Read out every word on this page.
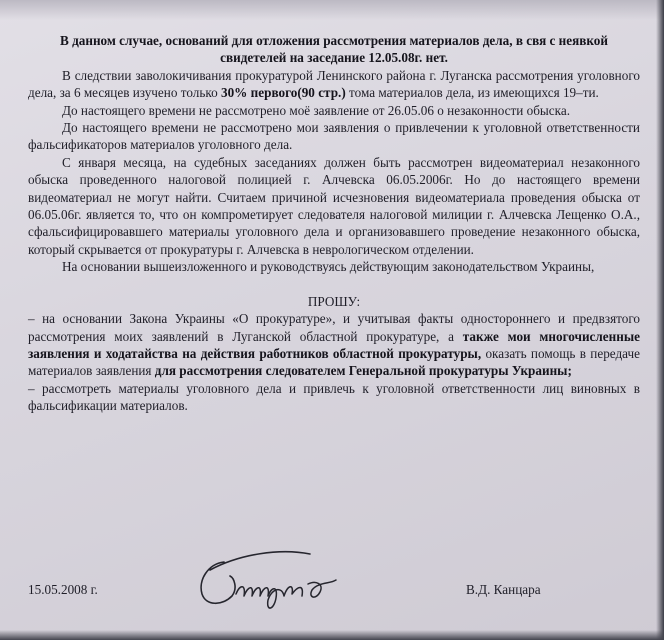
В данном случае, оснований для отложения рассмотрения материалов дела, в свя с неявкой свидетелей на заседание 12.05.08г. нет.

В следствии заволокичивания прокуратурой Ленинского района г. Луганска рассмотрения уголовного дела, за 6 месяцев изучено только 30% первого(90 стр.) тома материалов дела, из имеющихся 19–ти.

До настоящего времени не рассмотрено моё заявление от 26.05.06 о незаконности обыска.

До настоящего времени не рассмотрено мои заявления о привлечении к уголовной ответственности фальсификаторов материалов уголовного дела.

С января месяца, на судебных заседаниях должен быть рассмотрен видеоматериал незаконного обыска проведенного налоговой полицией г. Алчевска 06.05.2006г. Но до настоящего времени видеоматериал не могут найти. Считаем причиной исчезновения видеоматериала проведения обыска от 06.05.06г. является то, что он компрометирует следователя налоговой милиции г. Алчевска Лещенко О.А., сфальсифицировавшего материалы уголовного дела и организовавшего проведение незаконного обыска, который скрывается от прокуратуры г. Алчевска в неврологическом отделении.

На основании вышеизложенного и руководствуясь действующим законодательством Украины,

ПРОШУ:

– на основании Закона Украины «О прокуратуре», и учитывая факты одностороннего и предвзятого рассмотрения моих заявлений в Луганской областной прокуратуре, а также мои многочисленные заявления и ходатайства на действия работников областной прокуратуры, оказать помощь в передаче материалов заявления для рассмотрения следователем Генеральной прокуратуры Украины;

– рассмотреть материалы уголовного дела и привлечь к уголовной ответственности лиц виновных в фальсификации материалов.

15.05.2008 г.	В.Д. Канцара
